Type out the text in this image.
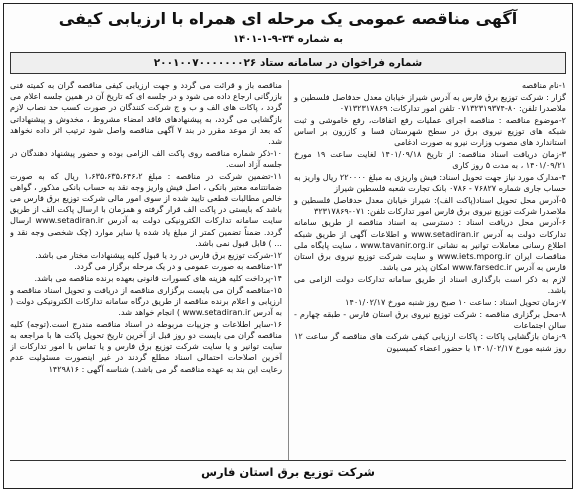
آگهی مناقصه عمومی یک مرحله ای همراه با ارزیابی کیفی
به شماره ۳۴-۹-۱-۱۴۰۱
شماره فراخوان در سامانه ستاد ۲۰۰۱۰۰۷۰۰۰۰۰۰۰۲۶

۱-نام مناقصه

گزار : شرکت توزیع برق فارس به آدرس شیراز خیابان معدل حدفاصل فلسطین و ملاصدرا تلفن: ۸۰-۰۷۱۳۲۳۱۹۳۷۴ تلفن امور تدارکات: ۰۷۱۳۲۳۱۷۸۶۹

۲-موضوع مناقصه : مناقصه اجرای عملیات رفع اتفاقات، رفع خاموشی و ثبت شبکه های توزیع نیروی برق در سطح شهرستان فسا و کازرون بر اساس استاندارد های مصوب وزارت نیرو به صورت ادغامی

۳-زمان دریافت اسناد مناقصه: از تاریخ ۱۴۰۱/۰۹/۱۸ لغایت ساعت ۱۹ مورخ ۱۴۰۱/۰۹/۲۱ ، به مدت ۵ روز کاری

۴-مدارک مورد نیاز جهت تحویل اسناد: فیش واریزی به مبلغ ۲۲۰۰۰۰ ریال واریز به حساب جاری شماره ۷۶۸۲۷ - ۰۷۸۶ بانک تجارت شعبه فلسطین شیراز

۵-آدرس محل تحویل اسناد(پاکت الف): شیراز خیابان معدل حدفاصل فلسطین و ملاصدرا شرکت توزیع نیروی برق فارس امور تدارکات تلفن: ۰۷۱-۳۲۳۱۷۸۶۹

۶-آدرس محل دریافت اسناد : دسترسی به اسناد مناقصه از طریق سامانه تدارکات دولت به آدرس www.setadiran.ir و اطلاعات آگهی از طریق شبکه اطلاع رسانی معاملات توانیر به نشانی www.tavanir.org.ir ، سایت پایگاه ملی مناقصات ایران www.iets.mporg.ir و سایت شرکت توزیع نیروی برق استان فارس به آدرس www.farsedc.ir امکان پذیر می باشد.

لازم به ذکر است بارگذاری اسناد از طریق سامانه تدارکات دولت الزامی می باشد.

۷-زمان تحویل اسناد : ساعت ۱۰ صبح روز شنبه مورخ ۱۴۰۱/۰۲/۱۷

۸-محل برگزاری مناقصه : شرکت توزیع نیروی برق استان فارس - طبقه چهارم - سالن اجتماعات

۹-زمان بازگشایی پاکات : پاکات ارزیابی کیفی شرکت های مناقصه گر ساعت ۱۲ روز شنبه مورخ ۱۴۰۱/۰۲/۱۷ با حضور اعضاء کمیسیون

مناقصه باز و قرائت می گردد و جهت ارزیابی کیفی مناقصه گران به کمیته فنی بازرگانی ارجاع داده می شود و در جلسه ای که تاریخ آن در همین جلسه اعلام می گردد ، پاکات های الف و ب و ج شرکت کنندگان در صورت کسب حد نصاب لازم بازگشایی می گردد، به پیشنهادهای فاقد امضاء مشروط ، مخدوش و پیشنهاداتی که بعد از موعد مقرر در بند ۷ آگهی مناقصه واصل شود ترتیب اثر داده نخواهد شد.

۱۰-ذکر شماره مناقصه روی پاکت الف الزامی بوده و حضور پیشنهاد دهندگان در جلسه آزاد است.

۱۱-تضمین شرکت در مناقصه : مبلغ ۱،۶۳۵،۶۳۵،۶۴۶،۲ ریال که به صورت ضمانتنامه معتبر بانکی ، اصل فیش واریز وجه نقد به حساب بانکی مذکور ، گواهی خالص مطالبات قطعی تایید شده از سوی امور مالی شرکت توزیع برق فارس می باشد که بایستی در پاکت الف قرار گرفته و همزمان با ارسال پاکت الف از طریق سایت سامانه تدارکات الکترونیکی دولت به آدرس www.setadiran.ir ارسال گردد. ضمناً تضمین کمتر از مبلغ یاد شده یا سایر موارد (چک شخصی وجه نقد و ... ) قابل قبول نمی باشد.

۱۲-شرکت توزیع برق فارس در رد یا قبول کلیه پیشنهادات مختار می باشد.

۱۳-مناقصه به صورت عمومی و در یک مرحله برگزار می گردد.

۱۴-پرداخت کلیه هزینه های کسورات قانونی بعهده برنده مناقصه می باشد.

۱۵-مناقصه گران می بایست برگزاری مناقصه از دریافت و تحویل اسناد مناقصه و ارزیابی و اعلام برنده مناقصه از طریق درگاه سامانه تدارکات الکترونیکی دولت ( به آدرس www.setadiran.ir ) انجام خواهد شد.

۱۶-سایر اطلاعات و جزییات مربوطه در اسناد مناقصه مندرج است.(توجه) کلیه مناقصه گران می بایست دو روز قبل از آخرین تاریخ تحویل پاکت ها با مراجعه به سایت توانیر و یا سایت شرکت توزیع برق فارس و یا تماس با امور تدارکات از آخرین اصلاحات احتمالی اسناد مطلع گردند در غیر اینصورت مسئولیت عدم رعایت این بند به عهده مناقصه گر می باشد.) شناسه آگهی : ۱۴۲۹۸۱۶

شرکت توزیع برق استان فارس
